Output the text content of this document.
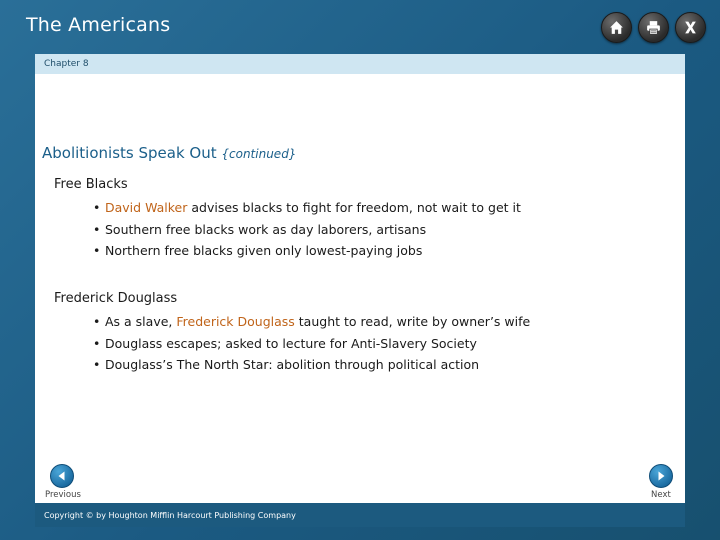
The Americans
Chapter 8
Abolitionists Speak Out {continued}
Free Blacks
• David Walker advises blacks to fight for freedom, not wait to get it
• Southern free blacks work as day laborers, artisans
• Northern free blacks given only lowest-paying jobs
Frederick Douglass
• As a slave, Frederick Douglass taught to read, write by owner’s wife
• Douglass escapes; asked to lecture for Anti-Slavery Society
• Douglass’s The North Star: abolition through political action
Previous	Next
Copyright © by Houghton Mifflin Harcourt Publishing Company
